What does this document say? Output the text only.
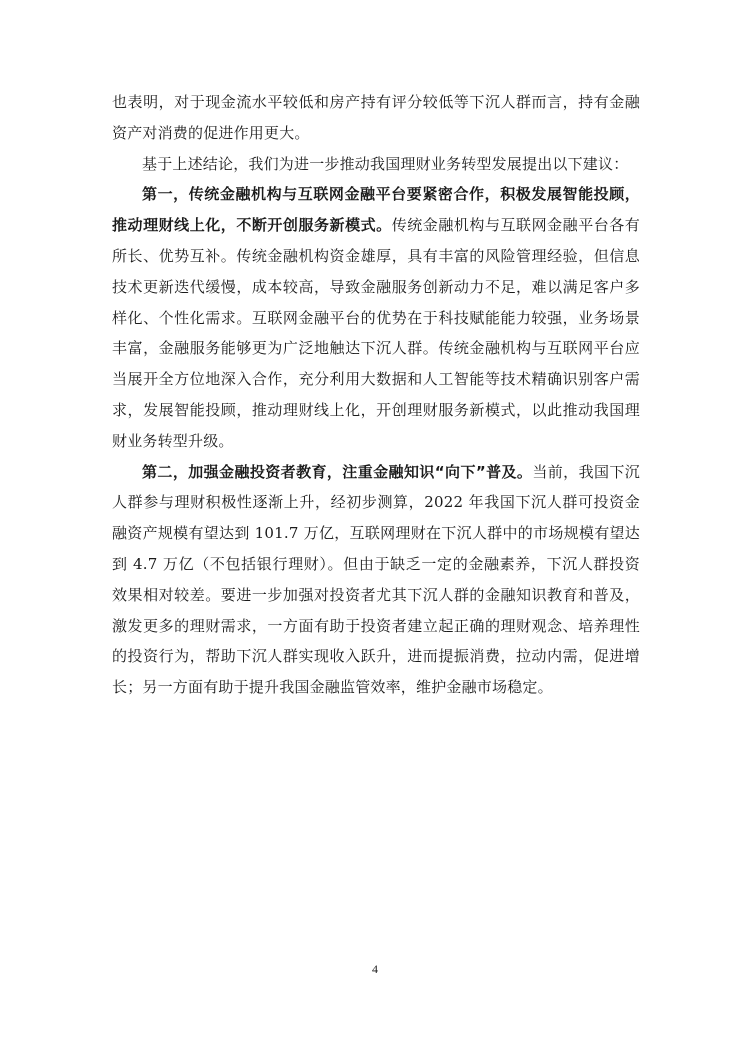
也表明，对于现金流水平较低和房产持有评分较低等下沉人群而言，持有金融资产对消费的促进作用更大。

基于上述结论，我们为进一步推动我国理财业务转型发展提出以下建议：

第一，传统金融机构与互联网金融平台要紧密合作，积极发展智能投顾，推动理财线上化，不断开创服务新模式。传统金融机构与互联网金融平台各有所长、优势互补。传统金融机构资金雄厚，具有丰富的风险管理经验，但信息技术更新迭代缓慢，成本较高，导致金融服务创新动力不足，难以满足客户多样化、个性化需求。互联网金融平台的优势在于科技赋能能力较强，业务场景丰富，金融服务能够更为广泛地触达下沉人群。传统金融机构与互联网平台应当展开全方位地深入合作，充分利用大数据和人工智能等技术精确识别客户需求，发展智能投顾，推动理财线上化，开创理财服务新模式，以此推动我国理财业务转型升级。

第二，加强金融投资者教育，注重金融知识“向下”普及。当前，我国下沉人群参与理财积极性逐渐上升，经初步测算，2022 年我国下沉人群可投资金融资产规模有望达到 101.7 万亿，互联网理财在下沉人群中的市场规模有望达到 4.7 万亿（不包括银行理财）。但由于缺乏一定的金融素养，下沉人群投资效果相对较差。要进一步加强对投资者尤其下沉人群的金融知识教育和普及，激发更多的理财需求，一方面有助于投资者建立起正确的理财观念、培养理性的投资行为，帮助下沉人群实现收入跃升，进而提振消费，拉动内需，促进增长；另一方面有助于提升我国金融监管效率，维护金融市场稳定。

4
